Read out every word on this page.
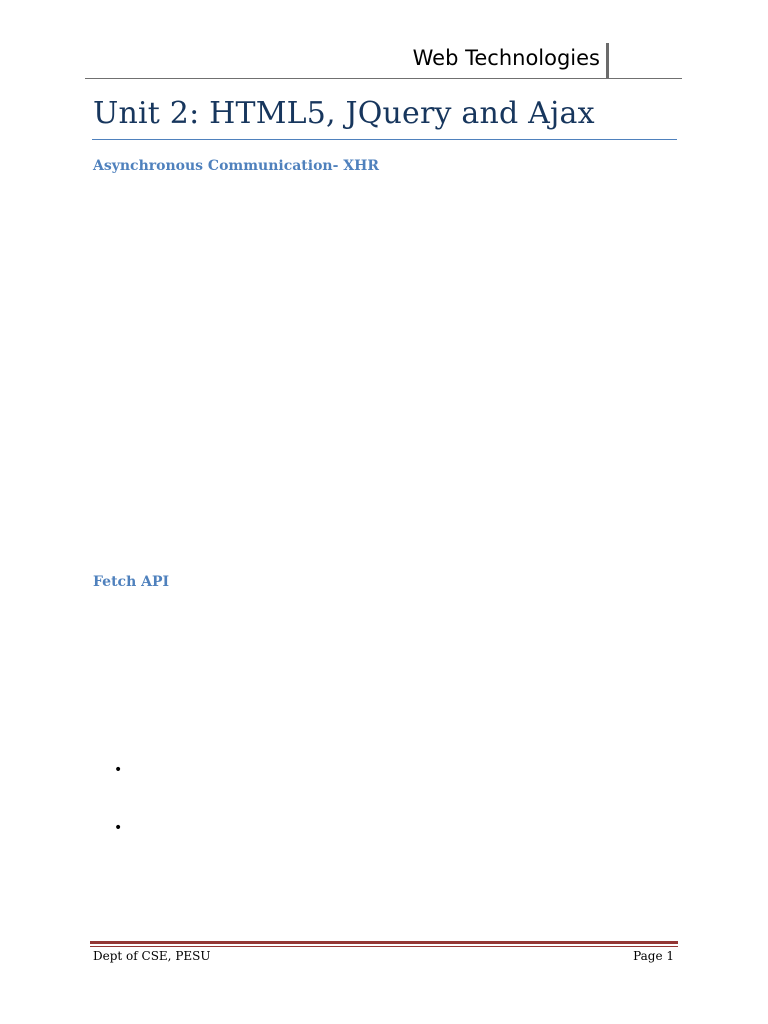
Web Technologies
Unit 2: HTML5, JQuery and Ajax
Asynchronous Communication- XHR
Fetch API
•
•
Dept of CSE, PESU	Page 1
